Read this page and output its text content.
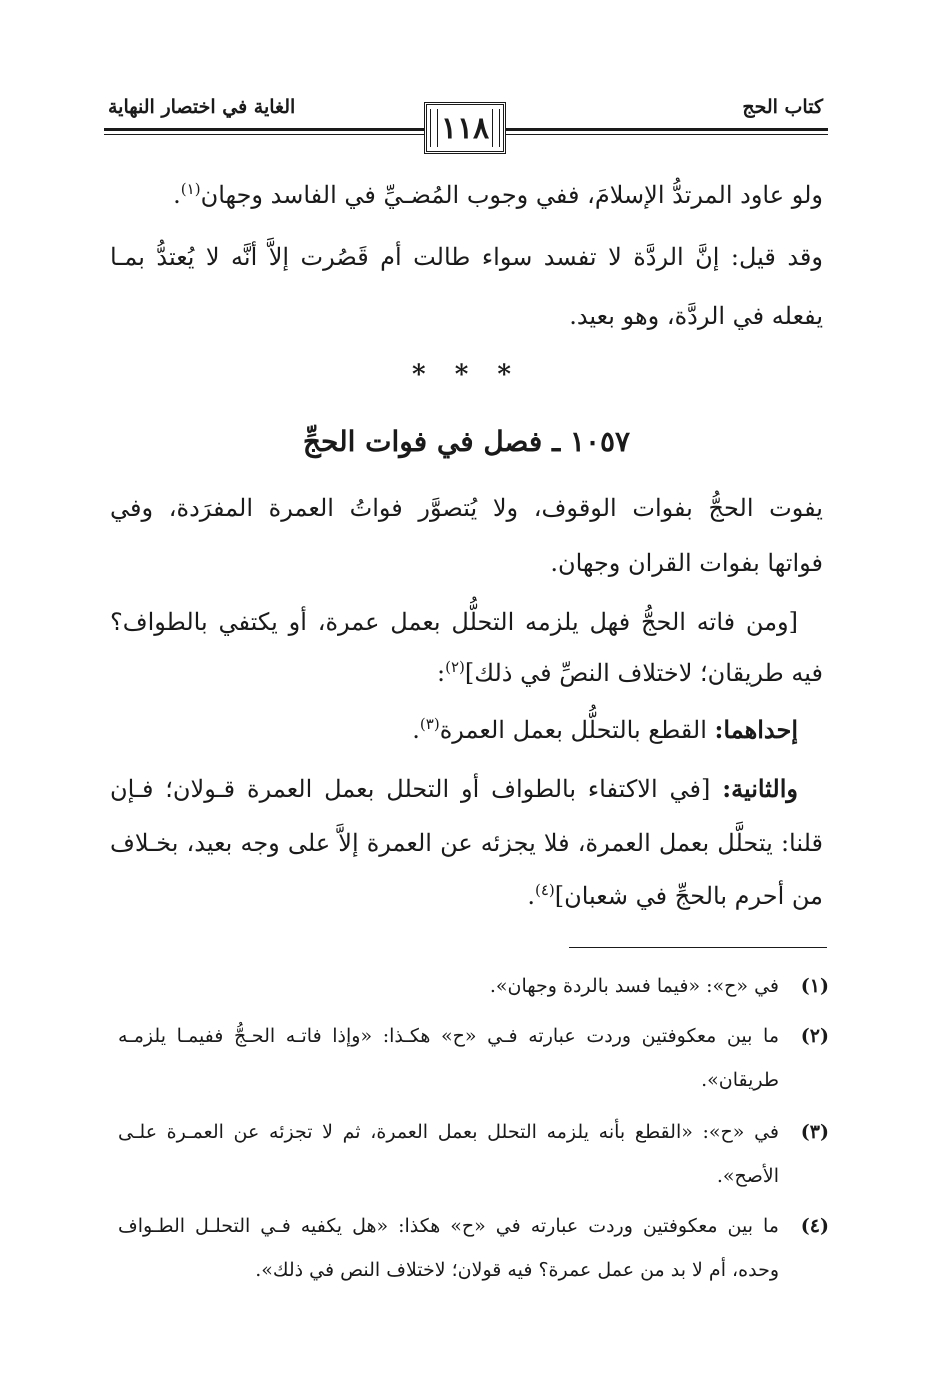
كتاب الحج
الغاية في اختصار النهاية
١١٨
ولو عاود المرتدُّ الإسلامَ، ففي وجوب المُضـيِّ في الفاسد وجهان$^{(١)}$.
وقد قيل: إنَّ الردَّة لا تفسد سواء طالت أم قَصُرت إلاَّ أنَّه لا يُعتدُّ بمـا
يفعله في الردَّة، وهو بعيد.
* * *
١٠٥٧ ـ فصل في فوات الحجِّ
يفوت الحجُّ بفوات الوقوف، ولا يُتصوَّر فواتُ العمرة المفرَدة، وفي
فواتها بفوات القران وجهان.
[ومن فاته الحجُّ فهل يلزمه التحلُّل بعمل عمرة، أو يكتفي بالطواف؟
فيه طريقان؛ لاختلاف النصِّ في ذلك]$^{(٢)}$:
إحداهما: القطع بالتحلُّل بعمل العمرة$^{(٣)}$.
والثانية: [في الاكتفاء بالطواف أو التحلل بعمل العمرة قـولان؛ فـإن
قلنا: يتحلَّل بعمل العمرة، فلا يجزئه عن العمرة إلاَّ على وجه بعيد، بخـلاف
من أحرم بالحجِّ في شعبان]$^{(٤)}$.
(١)
في «ح»: «فيما فسد بالردة وجهان».
(٢)
ما بين معكوفتين وردت عبارته فـي «ح» هكـذا: «وإذا فاتـه الحـجُّ ففيمـا يلزمـه
طريقان».
(٣)
في «ح»: «القطع بأنه يلزمه التحلل بعمل العمرة، ثم لا تجزئه عن العمـرة علـى
الأصح».
(٤)
ما بين معكوفتين وردت عبارته في «ح» هكذا: «هل يكفيه فـي التحلـل الطـواف
وحده، أم لا بد من عمل عمرة؟ فيه قولان؛ لاختلاف النص في ذلك».
